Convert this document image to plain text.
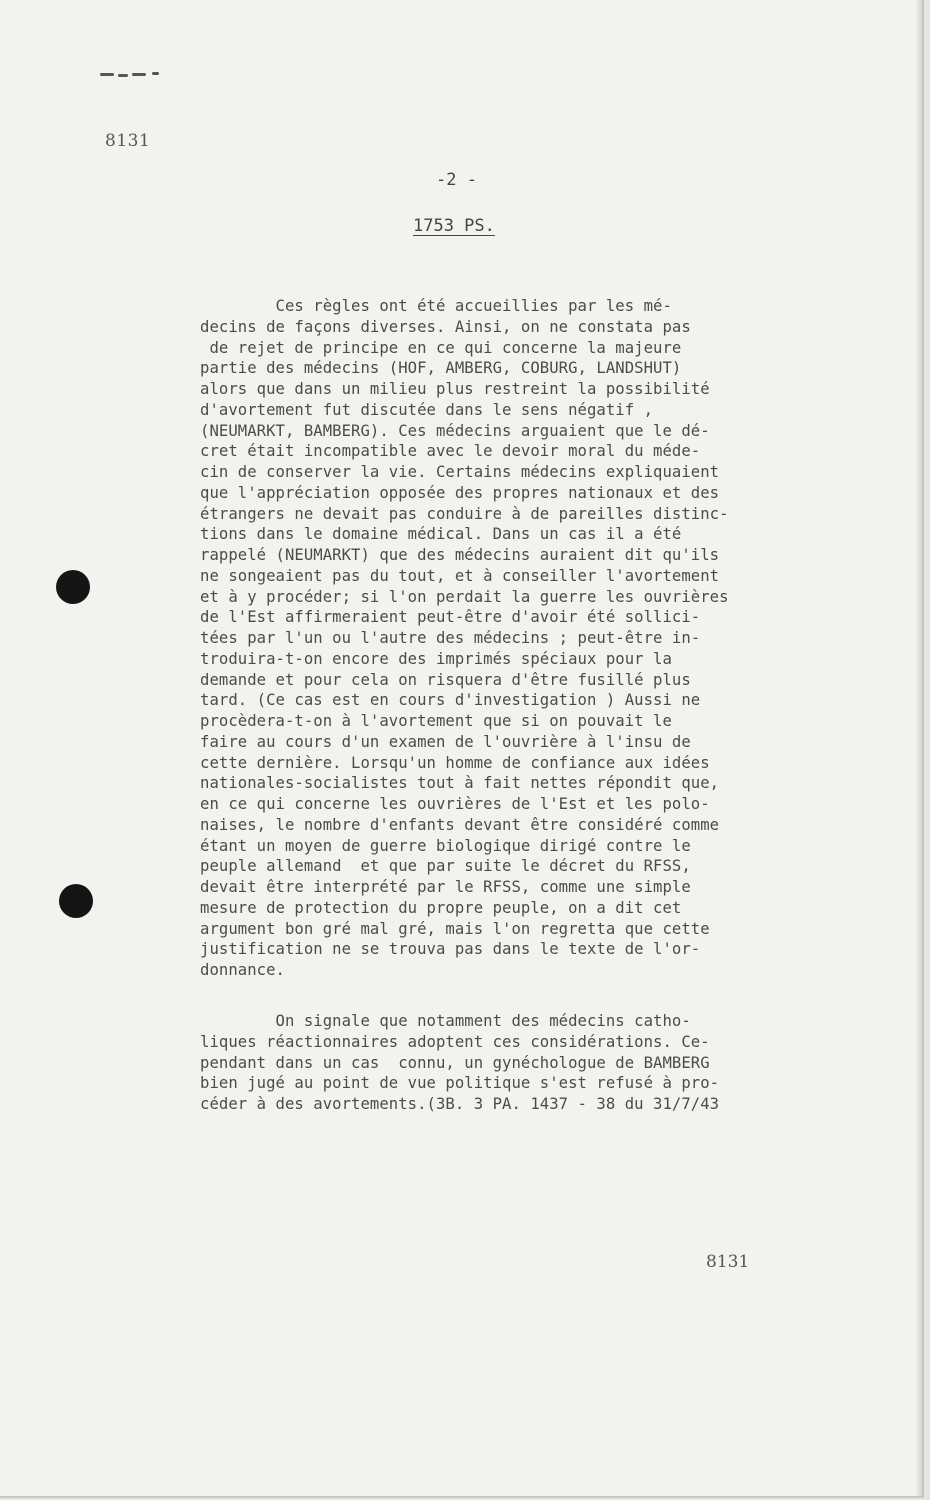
8131
-2 -
1753 PS.
Ces règles ont été accueillies par les mé-
decins de façons diverses. Ainsi, on ne constata pas
de rejet de principe en ce qui concerne la majeure
partie des médecins (HOF, AMBERG, COBURG, LANDSHUT)
alors que dans un milieu plus restreint la possibilité
d'avortement fut discutée dans le sens négatif ,
(NEUMARKT, BAMBERG). Ces médecins arguaient que le dé-
cret était incompatible avec le devoir moral du méde-
cin de conserver la vie. Certains médecins expliquaient
que l'appréciation opposée des propres nationaux et des
étrangers ne devait pas conduire à de pareilles distinc-
tions dans le domaine médical. Dans un cas il a été
rappelé (NEUMARKT) que des médecins auraient dit qu'ils
ne songeaient pas du tout, et à conseiller l'avortement
et à y procéder; si l'on perdait la guerre les ouvrières
de l'Est affirmeraient peut-être d'avoir été sollici-
tées par l'un ou l'autre des médecins ; peut-être in-
troduira-t-on encore des imprimés spéciaux pour la
demande et pour cela on risquera d'être fusillé plus
tard. (Ce cas est en cours d'investigation ) Aussi ne
procèdera-t-on à l'avortement que si on pouvait le
faire au cours d'un examen de l'ouvrière à l'insu de
cette dernière. Lorsqu'un homme de confiance aux idées
nationales-socialistes tout à fait nettes répondit que,
en ce qui concerne les ouvrières de l'Est et les polo-
naises, le nombre d'enfants devant être considéré comme
étant un moyen de guerre biologique dirigé contre le
peuple allemand  et que par suite le décret du RFSS,
devait être interprété par le RFSS, comme une simple
mesure de protection du propre peuple, on a dit cet
argument bon gré mal gré, mais l'on regretta que cette
justification ne se trouva pas dans le texte de l'or-
donnance.

On signale que notamment des médecins catho-
liques réactionnaires adoptent ces considérations. Ce-
pendant dans un cas  connu, un gynéchologue de BAMBERG
bien jugé au point de vue politique s'est refusé à pro-
céder à des avortements.(3B. 3 PA. 1437 - 38 du 31/7/43

8131
